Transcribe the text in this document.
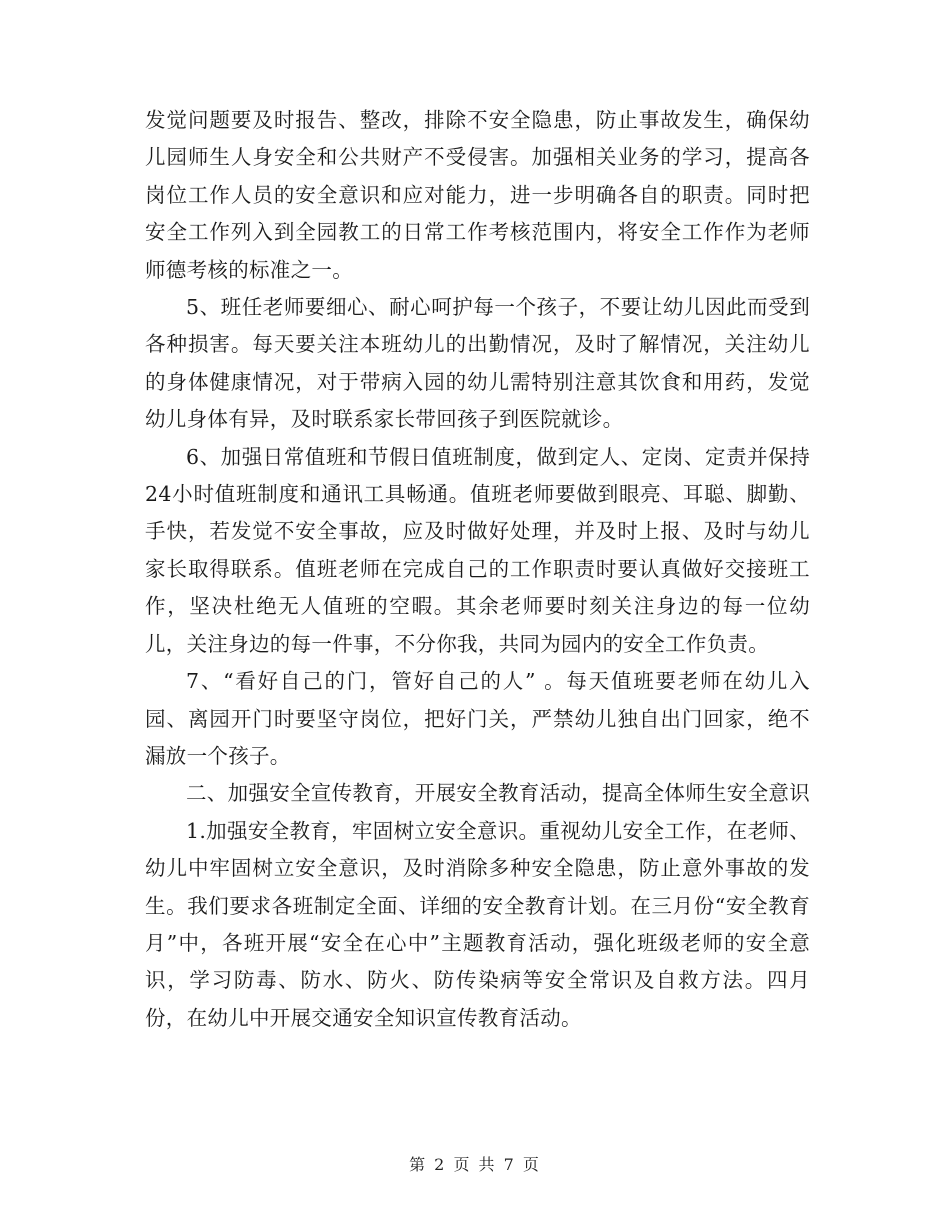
发觉问题要及时报告、整改，排除不安全隐患，防止事故发生，确保幼儿园师生人身安全和公共财产不受侵害。加强相关业务的学习，提高各岗位工作人员的安全意识和应对能力，进一步明确各自的职责。同时把安全工作列入到全园教工的日常工作考核范围内，将安全工作作为老师师德考核的标准之一。

5、班任老师要细心、耐心呵护每一个孩子，不要让幼儿因此而受到各种损害。每天要关注本班幼儿的出勤情况，及时了解情况，关注幼儿的身体健康情况，对于带病入园的幼儿需特别注意其饮食和用药，发觉幼儿身体有异，及时联系家长带回孩子到医院就诊。

6、加强日常值班和节假日值班制度，做到定人、定岗、定责并保持24小时值班制度和通讯工具畅通。值班老师要做到眼亮、耳聪、脚勤、手快，若发觉不安全事故，应及时做好处理，并及时上报、及时与幼儿家长取得联系。值班老师在完成自己的工作职责时要认真做好交接班工作，坚决杜绝无人值班的空暇。其余老师要时刻关注身边的每一位幼儿，关注身边的每一件事，不分你我，共同为园内的安全工作负责。

7、“看好自己的门，管好自己的人” 。每天值班要老师在幼儿入园、离园开门时要坚守岗位，把好门关，严禁幼儿独自出门回家，绝不漏放一个孩子。

二、加强安全宣传教育，开展安全教育活动，提高全体师生安全意识

1.加强安全教育，牢固树立安全意识。重视幼儿安全工作，在老师、幼儿中牢固树立安全意识，及时消除多种安全隐患，防止意外事故的发生。我们要求各班制定全面、详细的安全教育计划。在三月份“安全教育月”中，各班开展“安全在心中”主题教育活动，强化班级老师的安全意识，学习防毒、防水、防火、防传染病等安全常识及自救方法。四月份，在幼儿中开展交通安全知识宣传教育活动。

第 2 页 共 7 页
